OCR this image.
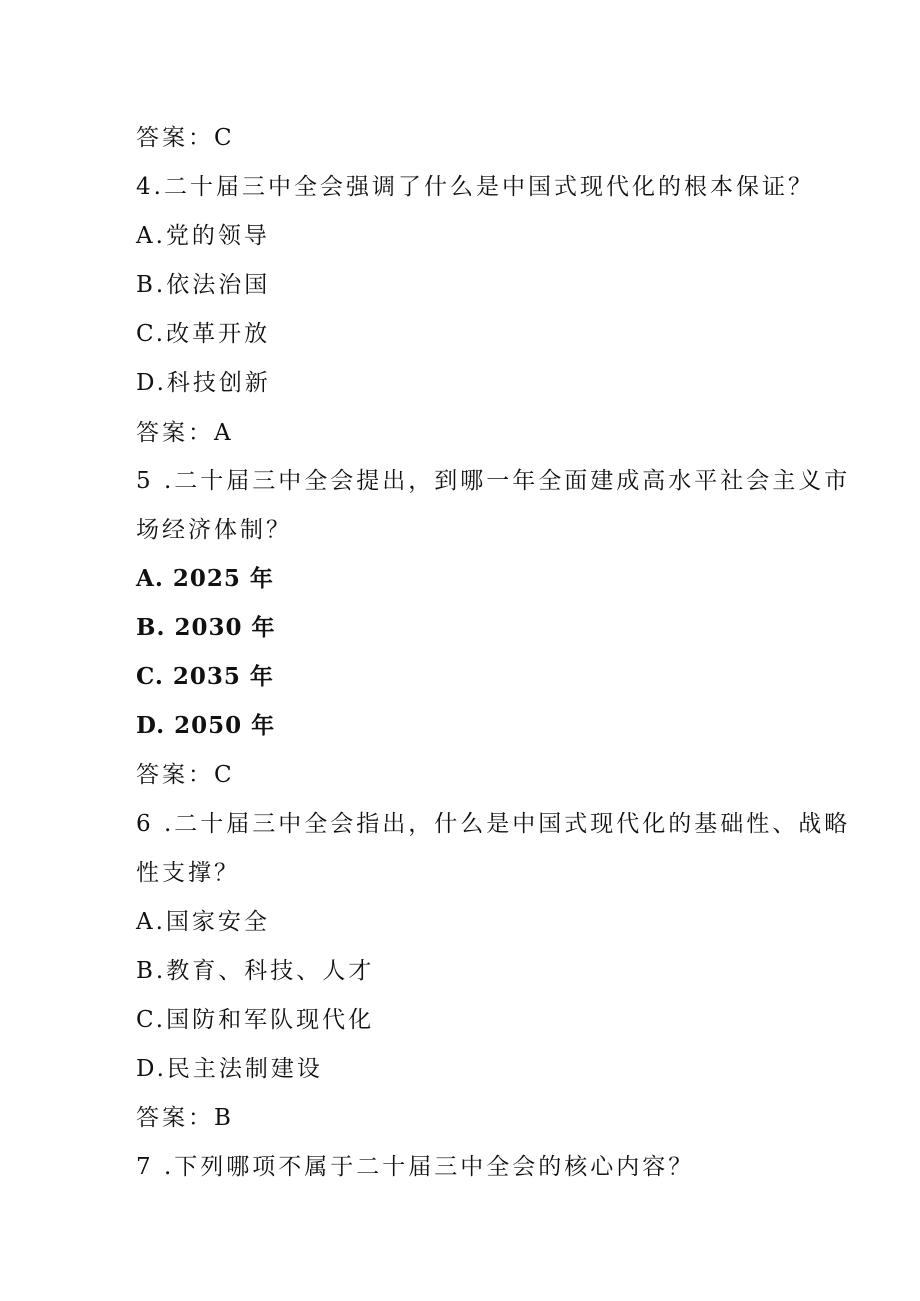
答案：C
4.二十届三中全会强调了什么是中国式现代化的根本保证？
A.党的领导
B.依法治国
C.改革开放
D.科技创新
答案：A
5 .二十届三中全会提出，到哪一年全面建成高水平社会主义市
场经济体制？
A. 2025 年
B. 2030 年
C. 2035 年
D. 2050 年
答案：C
6 .二十届三中全会指出，什么是中国式现代化的基础性、战略
性支撑？
A.国家安全
B.教育、科技、人才
C.国防和军队现代化
D.民主法制建设
答案：B
7 .下列哪项不属于二十届三中全会的核心内容？
